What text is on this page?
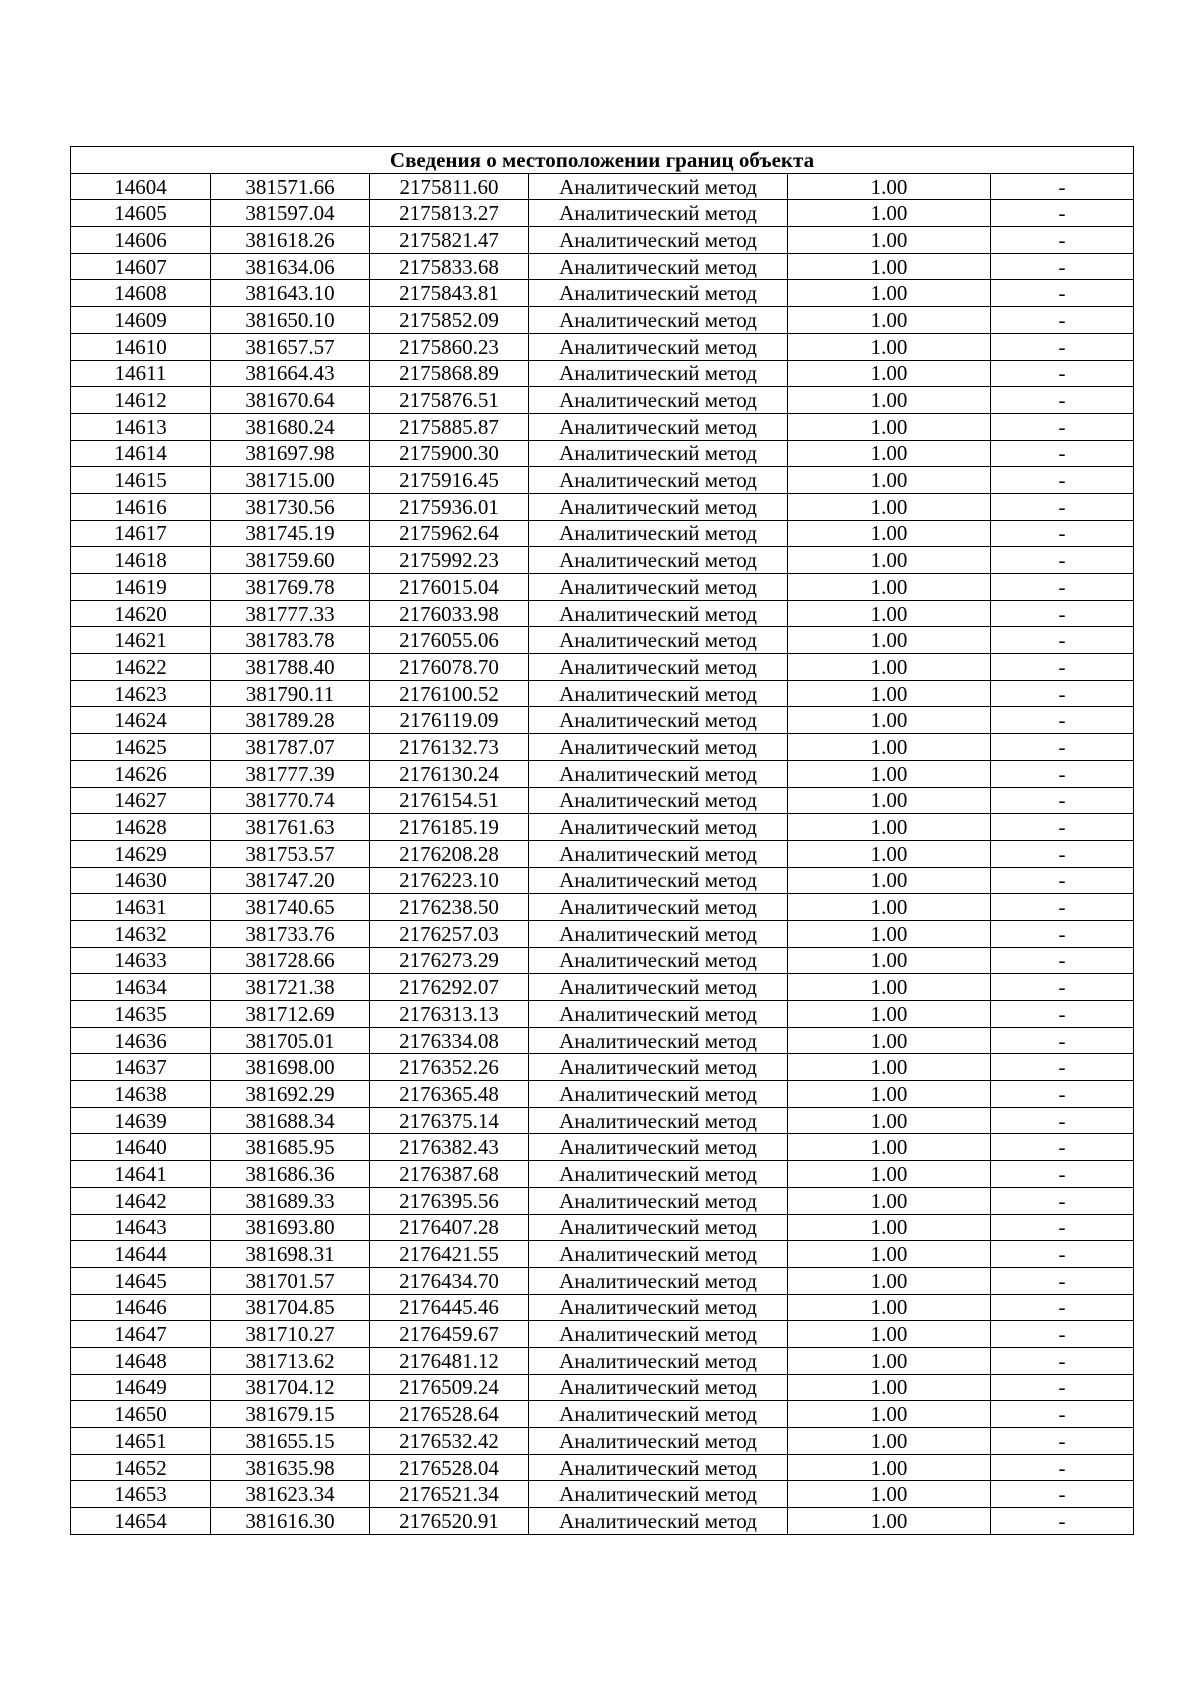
Сведения о местоположении границ объекта					
14604	381571.66	2175811.60	Аналитический метод	1.00	-
14605	381597.04	2175813.27	Аналитический метод	1.00	-
14606	381618.26	2175821.47	Аналитический метод	1.00	-
14607	381634.06	2175833.68	Аналитический метод	1.00	-
14608	381643.10	2175843.81	Аналитический метод	1.00	-
14609	381650.10	2175852.09	Аналитический метод	1.00	-
14610	381657.57	2175860.23	Аналитический метод	1.00	-
14611	381664.43	2175868.89	Аналитический метод	1.00	-
14612	381670.64	2175876.51	Аналитический метод	1.00	-
14613	381680.24	2175885.87	Аналитический метод	1.00	-
14614	381697.98	2175900.30	Аналитический метод	1.00	-
14615	381715.00	2175916.45	Аналитический метод	1.00	-
14616	381730.56	2175936.01	Аналитический метод	1.00	-
14617	381745.19	2175962.64	Аналитический метод	1.00	-
14618	381759.60	2175992.23	Аналитический метод	1.00	-
14619	381769.78	2176015.04	Аналитический метод	1.00	-
14620	381777.33	2176033.98	Аналитический метод	1.00	-
14621	381783.78	2176055.06	Аналитический метод	1.00	-
14622	381788.40	2176078.70	Аналитический метод	1.00	-
14623	381790.11	2176100.52	Аналитический метод	1.00	-
14624	381789.28	2176119.09	Аналитический метод	1.00	-
14625	381787.07	2176132.73	Аналитический метод	1.00	-
14626	381777.39	2176130.24	Аналитический метод	1.00	-
14627	381770.74	2176154.51	Аналитический метод	1.00	-
14628	381761.63	2176185.19	Аналитический метод	1.00	-
14629	381753.57	2176208.28	Аналитический метод	1.00	-
14630	381747.20	2176223.10	Аналитический метод	1.00	-
14631	381740.65	2176238.50	Аналитический метод	1.00	-
14632	381733.76	2176257.03	Аналитический метод	1.00	-
14633	381728.66	2176273.29	Аналитический метод	1.00	-
14634	381721.38	2176292.07	Аналитический метод	1.00	-
14635	381712.69	2176313.13	Аналитический метод	1.00	-
14636	381705.01	2176334.08	Аналитический метод	1.00	-
14637	381698.00	2176352.26	Аналитический метод	1.00	-
14638	381692.29	2176365.48	Аналитический метод	1.00	-
14639	381688.34	2176375.14	Аналитический метод	1.00	-
14640	381685.95	2176382.43	Аналитический метод	1.00	-
14641	381686.36	2176387.68	Аналитический метод	1.00	-
14642	381689.33	2176395.56	Аналитический метод	1.00	-
14643	381693.80	2176407.28	Аналитический метод	1.00	-
14644	381698.31	2176421.55	Аналитический метод	1.00	-
14645	381701.57	2176434.70	Аналитический метод	1.00	-
14646	381704.85	2176445.46	Аналитический метод	1.00	-
14647	381710.27	2176459.67	Аналитический метод	1.00	-
14648	381713.62	2176481.12	Аналитический метод	1.00	-
14649	381704.12	2176509.24	Аналитический метод	1.00	-
14650	381679.15	2176528.64	Аналитический метод	1.00	-
14651	381655.15	2176532.42	Аналитический метод	1.00	-
14652	381635.98	2176528.04	Аналитический метод	1.00	-
14653	381623.34	2176521.34	Аналитический метод	1.00	-
14654	381616.30	2176520.91	Аналитический метод	1.00	-
